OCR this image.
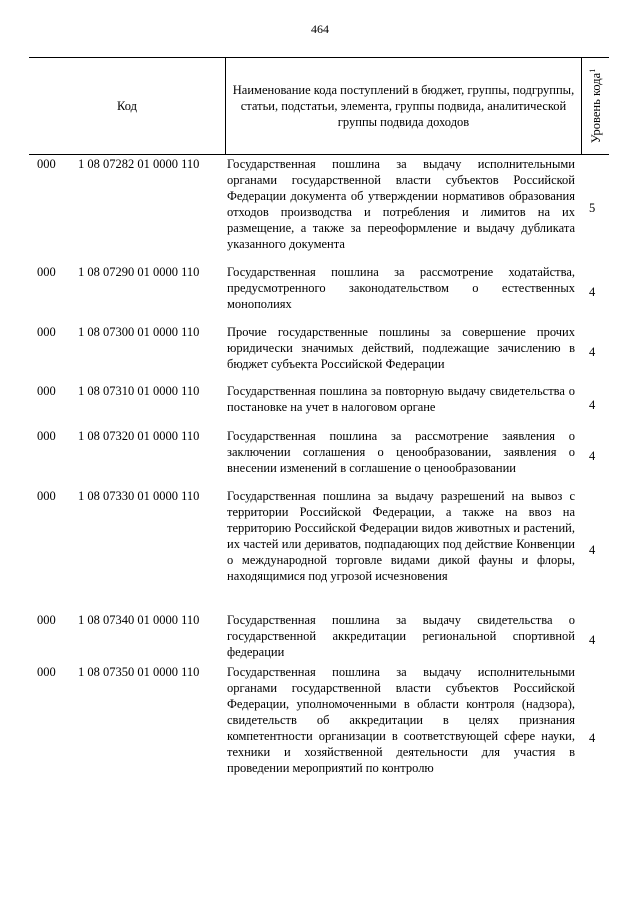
464
Код
Наименование кода поступлений в бюджет, группы, подгруппы, статьи, подстатьи, элемента, группы подвида, аналитической группы подвида доходов	Уровень кода$^1$
000 1 08 07282 01 0000 110 Государственная пошлина за выдачу исполнительными органами государственной власти субъектов Российской Федерации документа об утверждении нормативов образования отходов производства и потребления и лимитов на их размещение, а также за переоформление и выдачу дубликата указанного документа
5
000 1 08 07290 01 0000 110 Государственная пошлина за рассмотрение ходатайства, предусмотренного законодательством о естественных монополиях
4
000 1 08 07300 01 0000 110 Прочие государственные пошлины за совершение прочих юридически значимых действий, подлежащие зачислению в бюджет субъекта Российской Федерации
4
000 1 08 07310 01 0000 110 Государственная пошлина за повторную выдачу свидетельства о постановке на учет в налоговом органе	4
000 1 08 07320 01 0000 110 Государственная пошлина за рассмотрение заявления о заключении соглашения о ценообразовании, заявления о внесении изменений в соглашение о ценообразовании
4
000 1 08 07330 01 0000 110 Государственная пошлина за выдачу разрешений на вывоз с территории Российской Федерации, а также на ввоз на территорию Российской Федерации видов животных и растений, их частей или дериватов, подпадающих под действие Конвенции о международной торговле видами дикой фауны и флоры, находящимися под угрозой исчезновения
4
000 1 08 07340 01 0000 110 Государственная пошлина за выдачу свидетельства о государственной аккредитации региональной спортивной федерации
4
000 1 08 07350 01 0000 110 Государственная пошлина за выдачу исполнительными органами государственной власти субъектов Российской Федерации, уполномоченными в области контроля (надзора), свидетельств об аккредитации в целях признания компетентности организации в соответствующей сфере науки, техники и хозяйственной деятельности для участия в проведении мероприятий по контролю
4
